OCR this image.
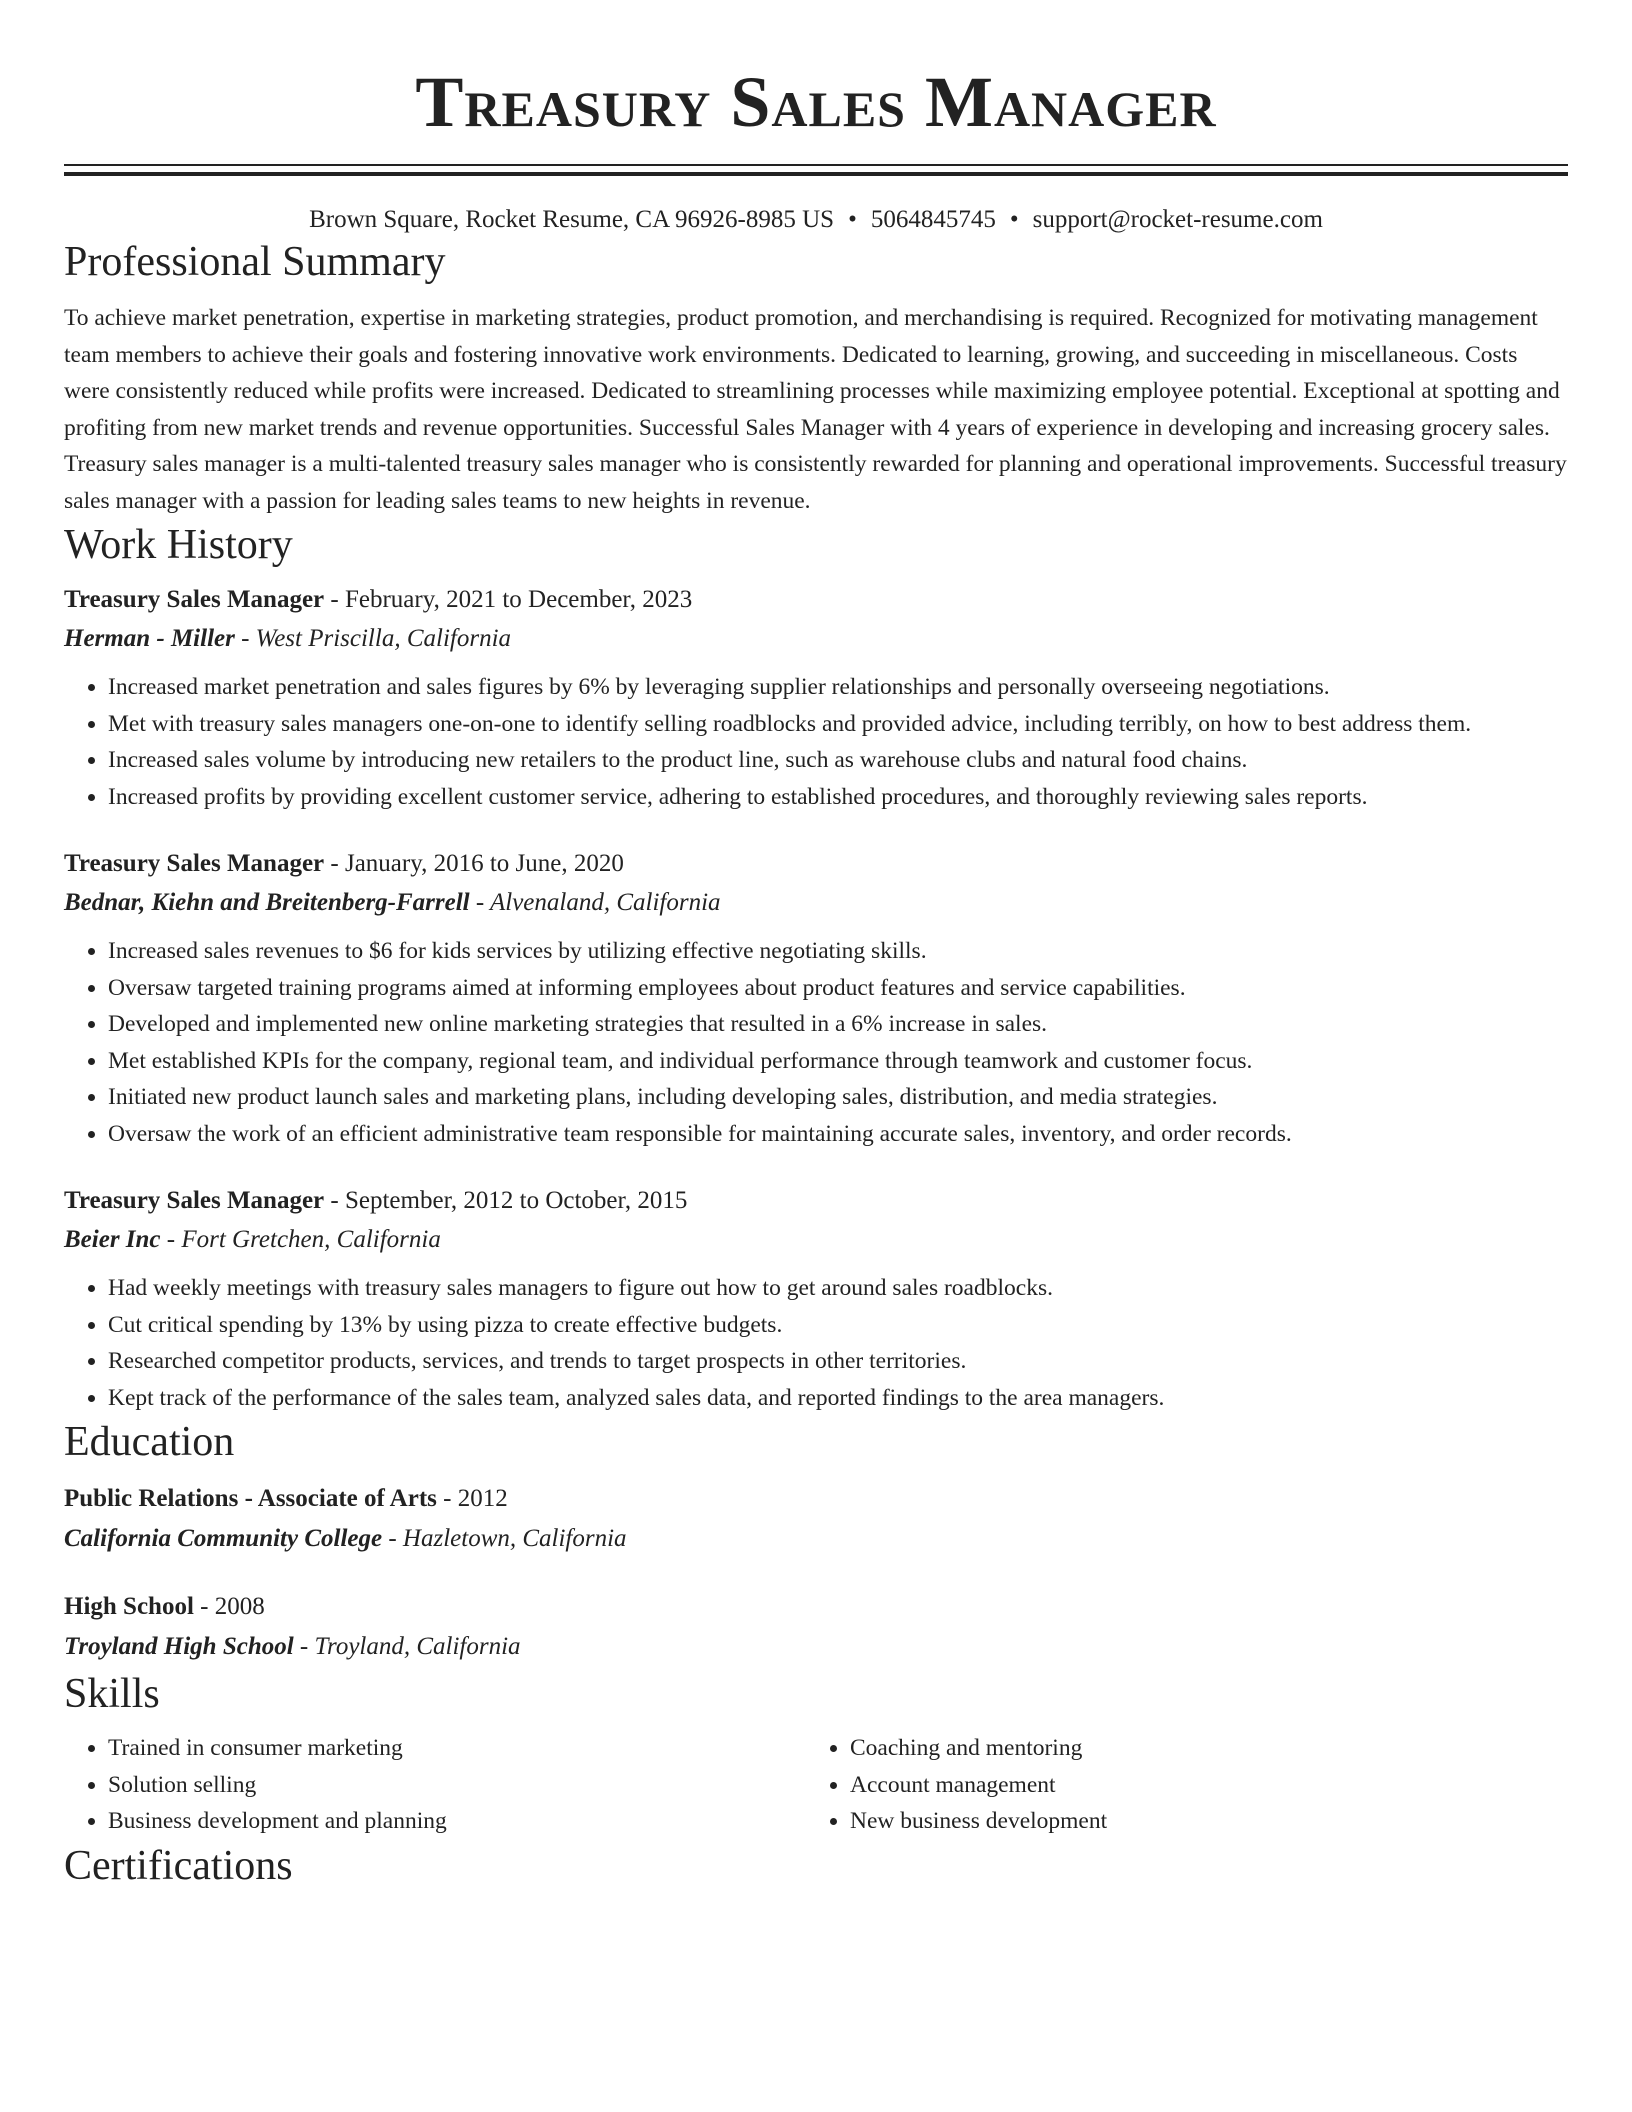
Treasury Sales Manager
Brown Square, Rocket Resume, CA 96926-8985 US • 5064845745 • support@rocket-resume.com
Professional Summary
To achieve market penetration, expertise in marketing strategies, product promotion, and merchandising is required. Recognized for motivating management team members to achieve their goals and fostering innovative work environments. Dedicated to learning, growing, and succeeding in miscellaneous. Costs were consistently reduced while profits were increased. Dedicated to streamlining processes while maximizing employee potential. Exceptional at spotting and profiting from new market trends and revenue opportunities. Successful Sales Manager with 4 years of experience in developing and increasing grocery sales. Treasury sales manager is a multi-talented treasury sales manager who is consistently rewarded for planning and operational improvements. Successful treasury sales manager with a passion for leading sales teams to new heights in revenue.
Work History
Treasury Sales Manager - February, 2021 to December, 2023
Herman - Miller - West Priscilla, California
• Increased market penetration and sales figures by 6% by leveraging supplier relationships and personally overseeing negotiations.
• Met with treasury sales managers one-on-one to identify selling roadblocks and provided advice, including terribly, on how to best address them.
• Increased sales volume by introducing new retailers to the product line, such as warehouse clubs and natural food chains.
• Increased profits by providing excellent customer service, adhering to established procedures, and thoroughly reviewing sales reports.
Treasury Sales Manager - January, 2016 to June, 2020
Bednar, Kiehn and Breitenberg-Farrell - Alvenaland, California
• Increased sales revenues to $6 for kids services by utilizing effective negotiating skills.
• Oversaw targeted training programs aimed at informing employees about product features and service capabilities.
• Developed and implemented new online marketing strategies that resulted in a 6% increase in sales.
• Met established KPIs for the company, regional team, and individual performance through teamwork and customer focus.
• Initiated new product launch sales and marketing plans, including developing sales, distribution, and media strategies.
• Oversaw the work of an efficient administrative team responsible for maintaining accurate sales, inventory, and order records.
Treasury Sales Manager - September, 2012 to October, 2015
Beier Inc - Fort Gretchen, California
• Had weekly meetings with treasury sales managers to figure out how to get around sales roadblocks.
• Cut critical spending by 13% by using pizza to create effective budgets.
• Researched competitor products, services, and trends to target prospects in other territories.
• Kept track of the performance of the sales team, analyzed sales data, and reported findings to the area managers.
Education
Public Relations - Associate of Arts - 2012
California Community College - Hazletown, California
High School - 2008
Troyland High School - Troyland, California
Skills
• Trained in consumer marketing
• Solution selling
• Business development and planning
• Coaching and mentoring
• Account management
• New business development
Certifications
